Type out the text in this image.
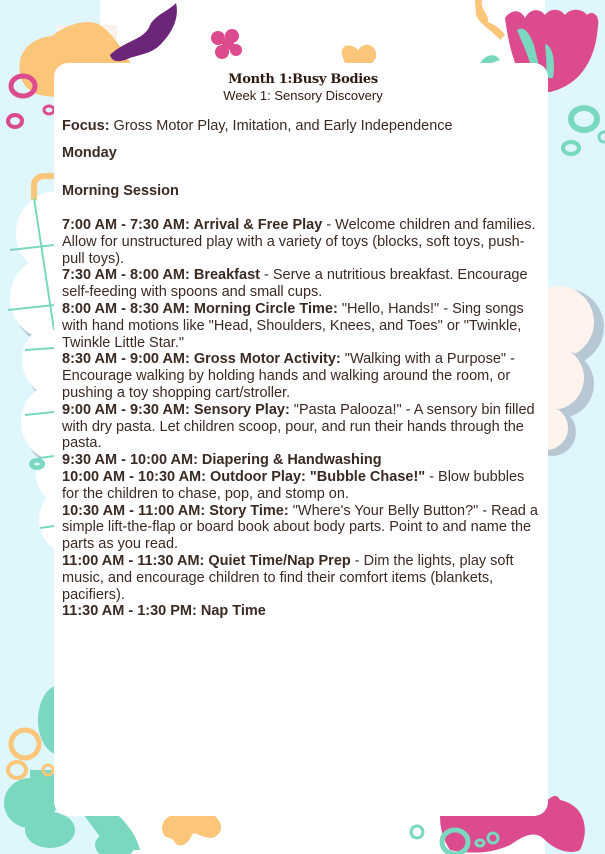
Month 1:Busy Bodies
Week 1: Sensory Discovery
Focus: Gross Motor Play, Imitation, and Early Independence
Monday
Morning Session

7:00 AM - 7:30 AM: Arrival & Free Play - Welcome children and families. Allow for unstructured play with a variety of toys (blocks, soft toys, push-pull toys).

7:30 AM - 8:00 AM: Breakfast - Serve a nutritious breakfast. Encourage self-feeding with spoons and small cups.

8:00 AM - 8:30 AM: Morning Circle Time: "Hello, Hands!" - Sing songs with hand motions like "Head, Shoulders, Knees, and Toes" or "Twinkle, Twinkle Little Star."

8:30 AM - 9:00 AM: Gross Motor Activity: "Walking with a Purpose" - Encourage walking by holding hands and walking around the room, or pushing a toy shopping cart/stroller.

9:00 AM - 9:30 AM: Sensory Play: "Pasta Palooza!" - A sensory bin filled with dry pasta. Let children scoop, pour, and run their hands through the pasta.

9:30 AM - 10:00 AM: Diapering & Handwashing

10:00 AM - 10:30 AM: Outdoor Play: "Bubble Chase!" - Blow bubbles for the children to chase, pop, and stomp on.

10:30 AM - 11:00 AM: Story Time: "Where's Your Belly Button?" - Read a simple lift-the-flap or board book about body parts. Point to and name the parts as you read.

11:00 AM - 11:30 AM: Quiet Time/Nap Prep - Dim the lights, play soft music, and encourage children to find their comfort items (blankets, pacifiers).

11:30 AM - 1:30 PM: Nap Time
